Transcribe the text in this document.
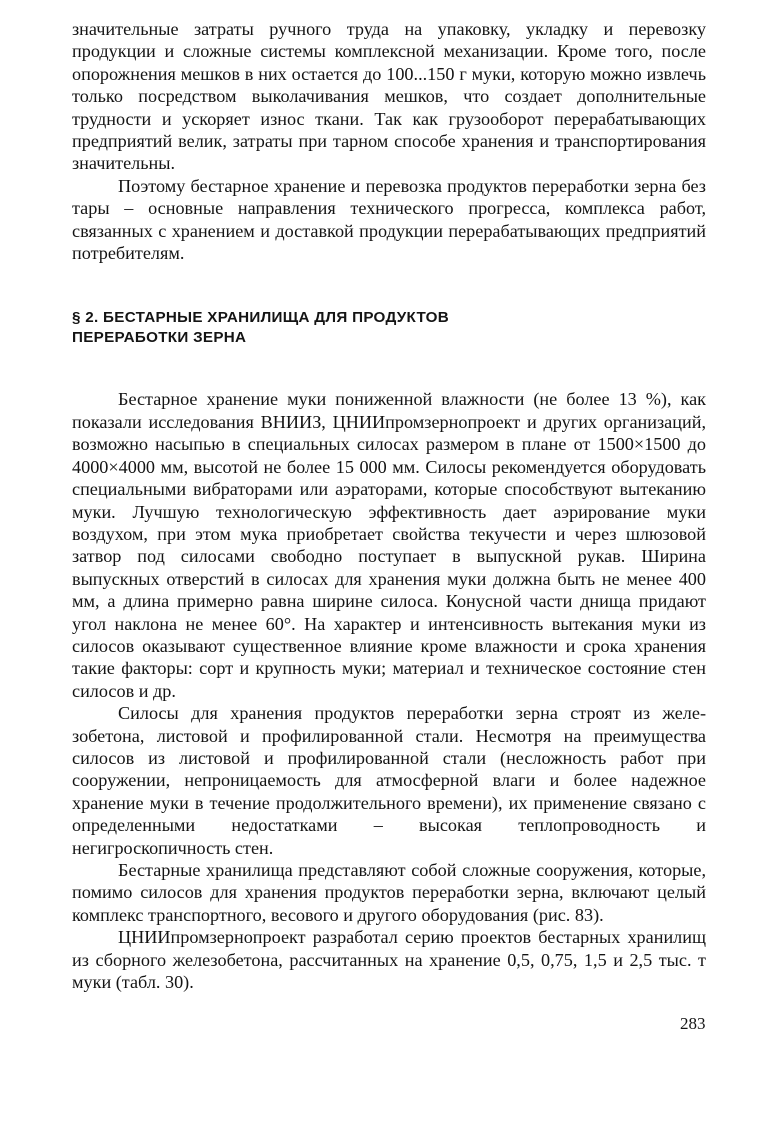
значительные затраты ручного труда на упаковку, укладку и перевозку продукции и сложные системы комплексной механизации. Кроме того, после опорожнения мешков в них остается до 100...150 г муки, которую можно извлечь только посредством выколачивания мешков, что создает дополнительные трудности и ускоряет износ ткани. Так как грузооборот перерабатывающих предприятий велик, затраты при тарном способе хранения и транспортирования значительны.

Поэтому бестарное хранение и перевозка продуктов переработки зерна без тары – основные направления технического прогресса, комплекса работ, связанных с хранением и доставкой продукции перерабатывающих предприятий потребителям.

§ 2. БЕСТАРНЫЕ ХРАНИЛИЩА ДЛЯ ПРОДУКТОВ
ПЕРЕРАБОТКИ ЗЕРНА

Бестарное хранение муки пониженной влажности (не более 13 %), как показали исследования ВНИИЗ, ЦНИИпромзернопроект и других организаций, возможно насыпью в специальных силосах размером в плане от 1500×1500 до 4000×4000 мм, высотой не более 15 000 мм. Силосы рекомендуется оборудовать специальными вибраторами или аэраторами, которые способствуют вытеканию муки. Лучшую технологическую эффективность дает аэрирование муки воздухом, при этом мука приобретает свойства текучести и через шлюзовой затвор под силосами свободно поступает в выпускной рукав. Ширина выпускных отверстий в силосах для хранения муки должна быть не менее 400 мм, а длина примерно равна ширине силоса. Конусной части днища придают угол наклона не менее 60°. На характер и интенсивность вытекания муки из силосов оказывают существенное влияние кроме влажности и срока хранения такие факторы: сорт и крупность муки; материал и техническое состояние стен силосов и др.

Силосы для хранения продуктов переработки зерна строят из железобетона, листовой и профилированной стали. Несмотря на преимущества силосов из листовой и профилированной стали (несложность работ при сооружении, непроницаемость для атмосферной влаги и более надежное хранение муки в течение продолжительного времени), их применение связано с определенными недостатками – высокая теплопроводность и негигроскопичность стен.

Бестарные хранилища представляют собой сложные сооружения, которые, помимо силосов для хранения продуктов переработки зерна, включают целый комплекс транспортного, весового и другого оборудования (рис. 83).

ЦНИИпромзернопроект разработал серию проектов бестарных хранилищ из сборного железобетона, рассчитанных на хранение 0,5, 0,75, 1,5 и 2,5 тыс. т муки (табл. 30).

283
